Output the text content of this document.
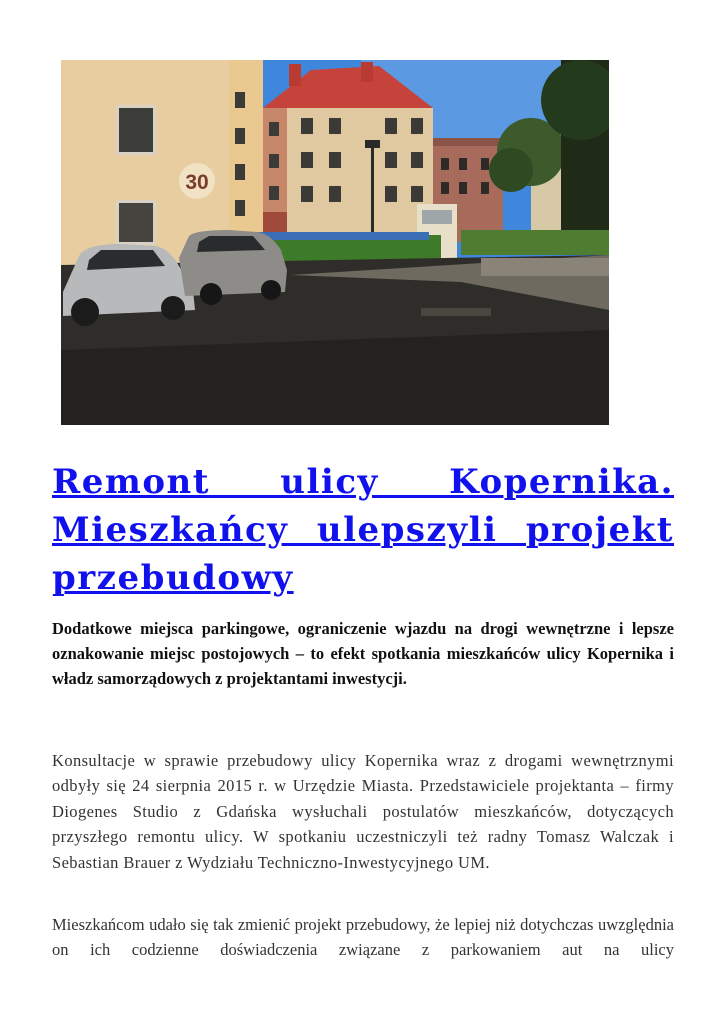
30
Remont ulicy Kopernika. Mieszkańcy ulepszyli projekt przebudowy

Dodatkowe miejsca parkingowe, ograniczenie wjazdu na drogi wewnętrzne i lepsze oznakowanie miejsc postojowych – to efekt spotkania mieszkańców ulicy Kopernika i władz samorządowych z projektantami inwestycji.

Konsultacje w sprawie przebudowy ulicy Kopernika wraz z drogami wewnętrznymi odbyły się 24 sierpnia 2015 r. w Urzędzie Miasta. Przedstawiciele projektanta – firmy Diogenes Studio z Gdańska wysłuchali postulatów mieszkańców, dotyczących przyszłego remontu ulicy. W spotkaniu uczestniczyli też radny Tomasz Walczak i Sebastian Brauer z Wydziału Techniczno-Inwestycyjnego UM.

Mieszkańcom udało się tak zmienić projekt przebudowy, że lepiej niż dotychczas uwzględnia on ich codzienne doświadczenia związane z parkowaniem aut na ulicy
